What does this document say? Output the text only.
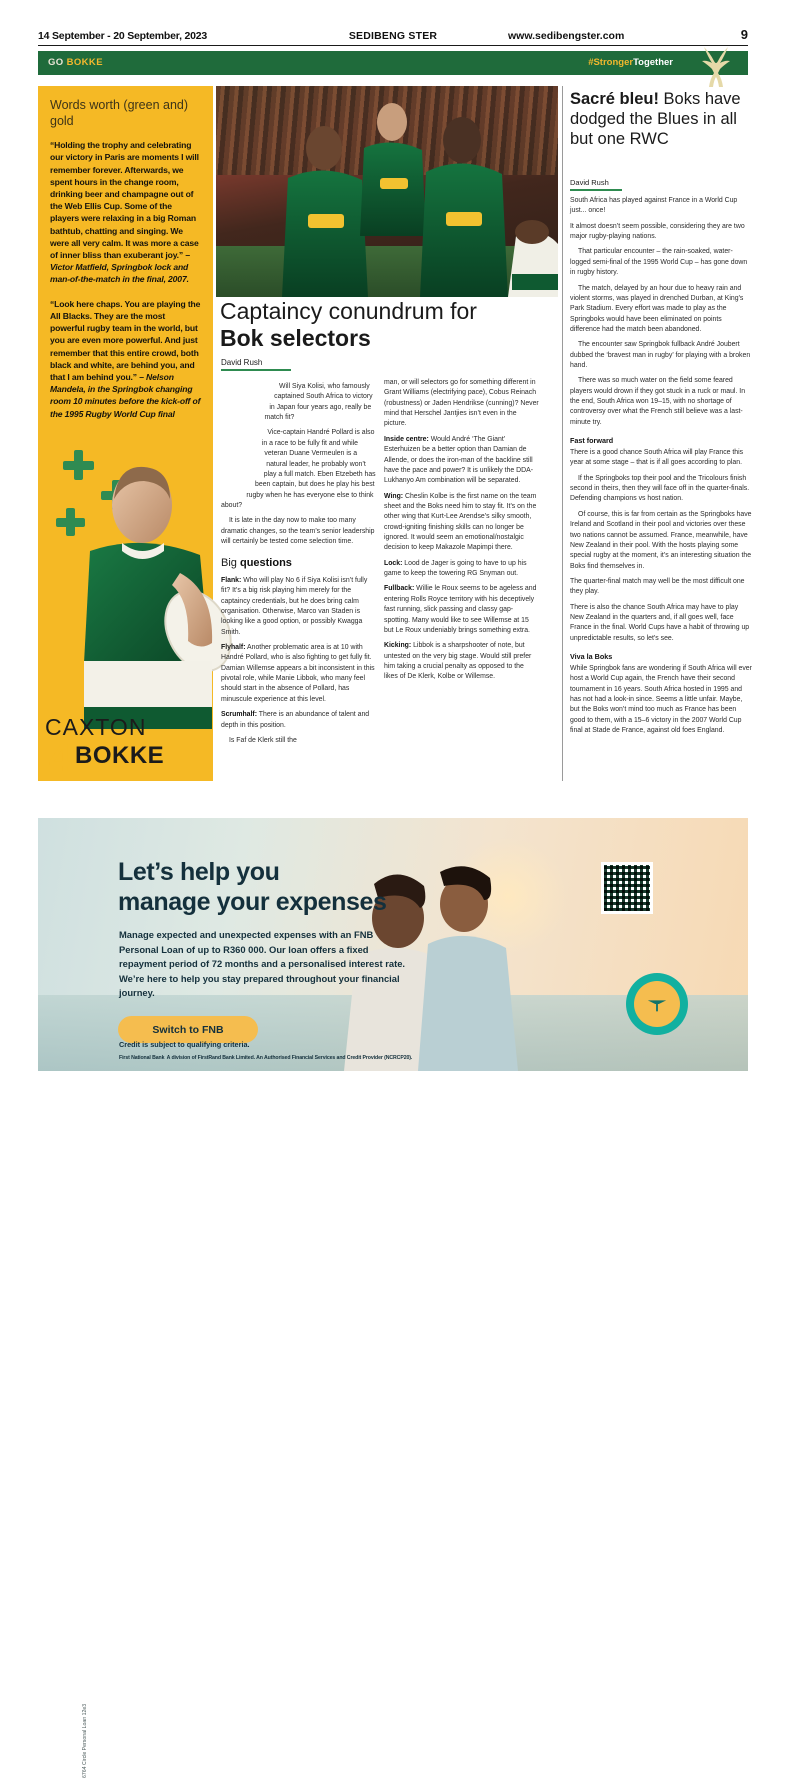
14 September - 20 September, 2023	SEDIBENG STER	www.sedibengster.com	9
GO BOKKE	#StrongerTogether
Words worth (green and) gold
“Holding the trophy and celebrating our victory in Paris are moments I will remember forever. Afterwards, we spent hours in the change room, drinking beer and champagne out of the Web Ellis Cup. Some of the players were relaxing in a big Roman bathtub, chatting and singing. We were all very calm. It was more a case of inner bliss than exuberant joy.” – Victor Matfield, Springbok lock and man-of-the-match in the final, 2007.
“Look here chaps. You are playing the All Blacks. They are the most powerful rugby team in the world, but you are even more powerful. And just remember that this entire crowd, both black and white, are behind you, and that I am behind you.” – Nelson Mandela, in the Springbok changing room 10 minutes before the kick-off of the 1995 Rugby World Cup final
CAXTON
4 BOKKE
Captaincy conundrum for Bok selectors
David Rush

Will Siya Kolisi, who famously captained South Africa to victory in Japan four years ago, really be match fit?

Vice-captain Handré Pollard is also in a race to be fully fit and while veteran Duane Vermeulen is a natural leader, he probably won’t play a full match. Eben Etzebeth has been captain, but does he play his best rugby when he has everyone else to think about?

It is late in the day now to make too many dramatic changes, so the team’s senior leadership will certainly be tested come selection time.

Big questions

Flank: Who will play No 6 if Siya Kolisi isn’t fully fit? It’s a big risk playing him merely for the captaincy credentials, but he does bring calm organisation. Otherwise, Marco van Staden is looking like a good option, or possibly Kwagga Smith.

Flyhalf: Another problematic area is at 10 with Handré Pollard, who is also fighting to get fully fit. Damian Willemse appears a bit inconsistent in this pivotal role, while Manie Libbok, who many feel should start in the absence of Pollard, has minuscule experience at this level.

Scrumhalf: There is an abundance of talent and depth in this position.

Is Faf de Klerk still the

man, or will selectors go for something different in Grant Williams (electrifying pace), Cobus Reinach (robustness) or Jaden Hendrikse (cunning)? Never mind that Herschel Jantjies isn’t even in the picture.

Inside centre: Would André ‘The Giant’ Esterhuizen be a better option than Damian de Allende, or does the iron-man of the backline still have the pace and power? It is unlikely the DDA-Lukhanyo Am combination will be separated.

Wing: Cheslin Kolbe is the first name on the team sheet and the Boks need him to stay fit. It’s on the other wing that Kurt-Lee Arendse’s silky smooth, crowd-igniting finishing skills can no longer be ignored. It would seem an emotional/nostalgic decision to keep Makazole Mapimpi there.

Lock: Lood de Jager is going to have to up his game to keep the towering RG Snyman out.

Fullback: Willie le Roux seems to be ageless and entering Rolls Royce territory with his deceptively fast running, slick passing and classy gap-spotting. Many would like to see Willemse at 15 but Le Roux undeniably brings something extra.

Kicking: Libbok is a sharpshooter of note, but untested on the very big stage. Would still prefer him taking a crucial penalty as opposed to the likes of De Klerk, Kolbe or Willemse.

Sacré bleu! Boks have dodged the Blues in all but one RWC
David Rush

South Africa has played against France in a World Cup just... once!

It almost doesn’t seem possible, considering they are two major rugby-playing nations.

That particular encounter – the rain-soaked, water-logged semi-final of the 1995 World Cup – has gone down in rugby history.

The match, delayed by an hour due to heavy rain and violent storms, was played in drenched Durban, at King’s Park Stadium. Every effort was made to play as the Springboks would have been eliminated on points difference had the match been abandoned.

The encounter saw Springbok fullback André Joubert dubbed the ‘bravest man in rugby’ for playing with a broken hand.

There was so much water on the field some feared players would drown if they got stuck in a ruck or maul. In the end, South Africa won 19–15, with no shortage of controversy over what the French still believe was a last-minute try.

Fast forward

There is a good chance South Africa will play France this year at some stage – that is if all goes according to plan.

If the Springboks top their pool and the Tricolours finish second in theirs, then they will face off in the quarter-finals. Defending champions vs host nation.

Of course, this is far from certain as the Springboks have Ireland and Scotland in their pool and victories over these two nations cannot be assumed. France, meanwhile, have New Zealand in their pool. With the hosts playing some special rugby at the moment, it’s an interesting situation the Boks find themselves in.

The quarter-final match may well be the most difficult one they play.

There is also the chance South Africa may have to play New Zealand in the quarters and, if all goes well, face France in the final. World Cups have a habit of throwing up unpredictable results, so let’s see.

Viva la Boks

While Springbok fans are wondering if South Africa will ever host a World Cup again, the French have their second tournament in 16 years. South Africa hosted in 1995 and has not had a look-in since. Seems a little unfair. Maybe, but the Boks won’t mind too much as France has been good to them, with a 15–6 victory in the 2007 World Cup final at Stade de France, against old foes England.

Let’s help you
manage your expenses
Manage expected and unexpected expenses with an FNB Personal Loan of up to R360 000. Our loan offers a fixed repayment period of 72 months and a personalised interest rate. We’re here to help you stay prepared throughout your financial journey.
Switch to FNB
Credit is subject to qualifying criteria.
First National Bank A division of FirstRand Bank Limited. An Authorised Financial Services and Credit Provider (NCRCP20).
6764 Circle Personal Loan 12e3
